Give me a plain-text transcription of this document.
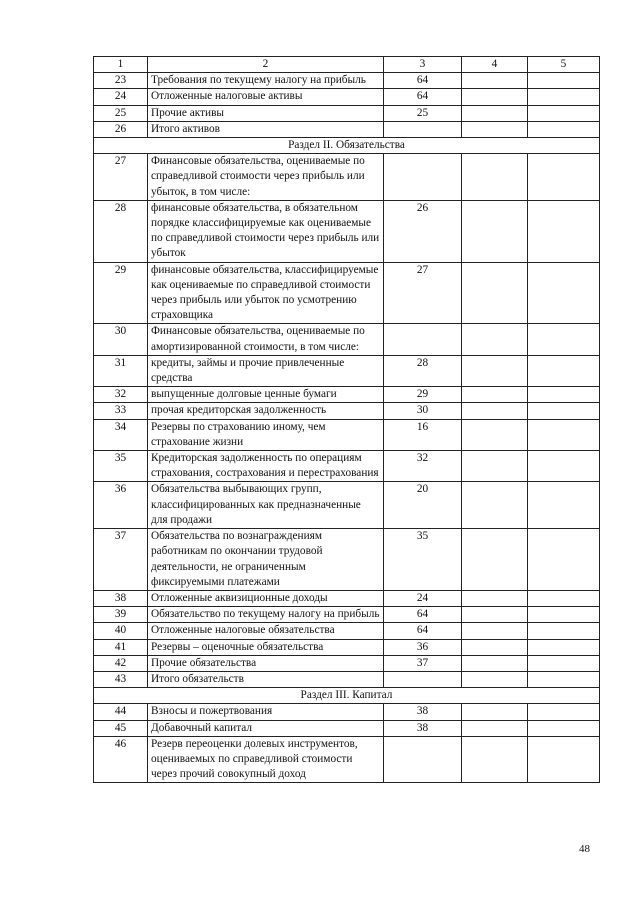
1	2	3	4	5
23	Требования по текущему налогу на прибыль	64		
24	Отложенные налоговые активы	64		
25	Прочие активы	25		
26	Итого активов			
Раздел II. Обязательства				
27	Финансовые обязательства, оцениваемые по справедливой стоимости через прибыль или убыток, в том числе:			
28	финансовые обязательства, в обязательном порядке классифицируемые как оцениваемые по справедливой стоимости через прибыль или убыток	26		
29	финансовые обязательства, классифицируемые как оцениваемые по справедливой стоимости через прибыль или убыток по усмотрению страховщика	27		
30	Финансовые обязательства, оцениваемые по амортизированной стоимости, в том числе:			
31	кредиты, займы и прочие привлеченные средства	28		
32	выпущенные долговые ценные бумаги	29		
33	прочая кредиторская задолженность	30		
34	Резервы по страхованию иному, чем страхование жизни	16		
35	Кредиторская задолженность по операциям страхования, сострахования и перестрахования	32		
36	Обязательства выбывающих групп, классифицированных как предназначенные для продажи	20		
37	Обязательства по вознаграждениям работникам по окончании трудовой деятельности, не ограниченным фиксируемыми платежами	35		
38	Отложенные аквизиционные доходы	24		
39	Обязательство по текущему налогу на прибыль	64		
40	Отложенные налоговые обязательства	64		
41	Резервы – оценочные обязательства	36		
42	Прочие обязательства	37		
43	Итого обязательств			
Раздел III. Капитал				
44	Взносы и пожертвования	38		
45	Добавочный капитал	38		
46	Резерв переоценки долевых инструментов, оцениваемых по справедливой стоимости через прочий совокупный доход			
48
